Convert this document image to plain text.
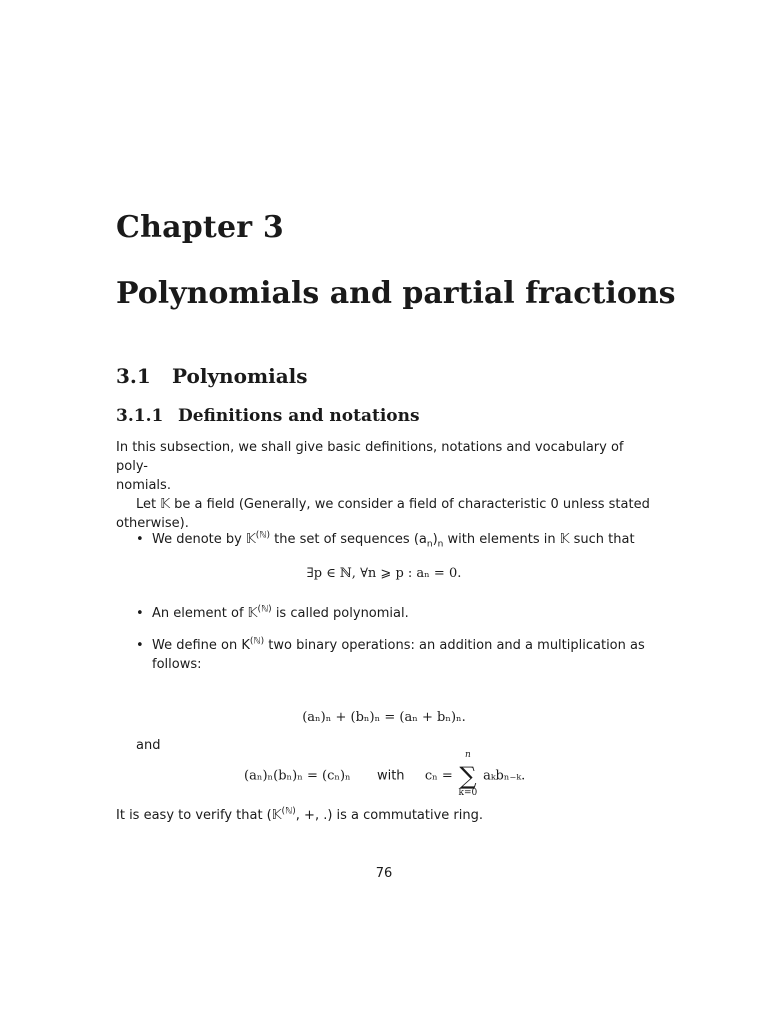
Chapter 3
Polynomials and partial fractions
3.1 Polynomials
3.1.1 Definitions and notations
In this subsection, we shall give basic definitions, notations and vocabulary of poly-
nomials.
Let 𝕂 be a field (Generally, we consider a field of characteristic 0 unless stated
otherwise).
• We denote by 𝕂$^{(ℕ)}$ the set of sequences $(a_n)_n$ with elements in 𝕂 such that
∃p ∈ ℕ, ∀n ⩾ p : aₙ = 0.
• An element of 𝕂$^{(ℕ)}$ is called polynomial.
• We define on $K^{(ℕ)}$ two binary operations: an addition and a multiplication as
follows:
(aₙ)ₙ + (bₙ)ₙ = (aₙ + bₙ)ₙ.
and
(aₙ)ₙ(bₙ)ₙ = (cₙ)ₙ with cₙ =
n
∑
k=0
aₖbₙ₋ₖ.
It is easy to verify that (𝕂$^{(ℕ)}$, +, .) is a commutative ring.
76
